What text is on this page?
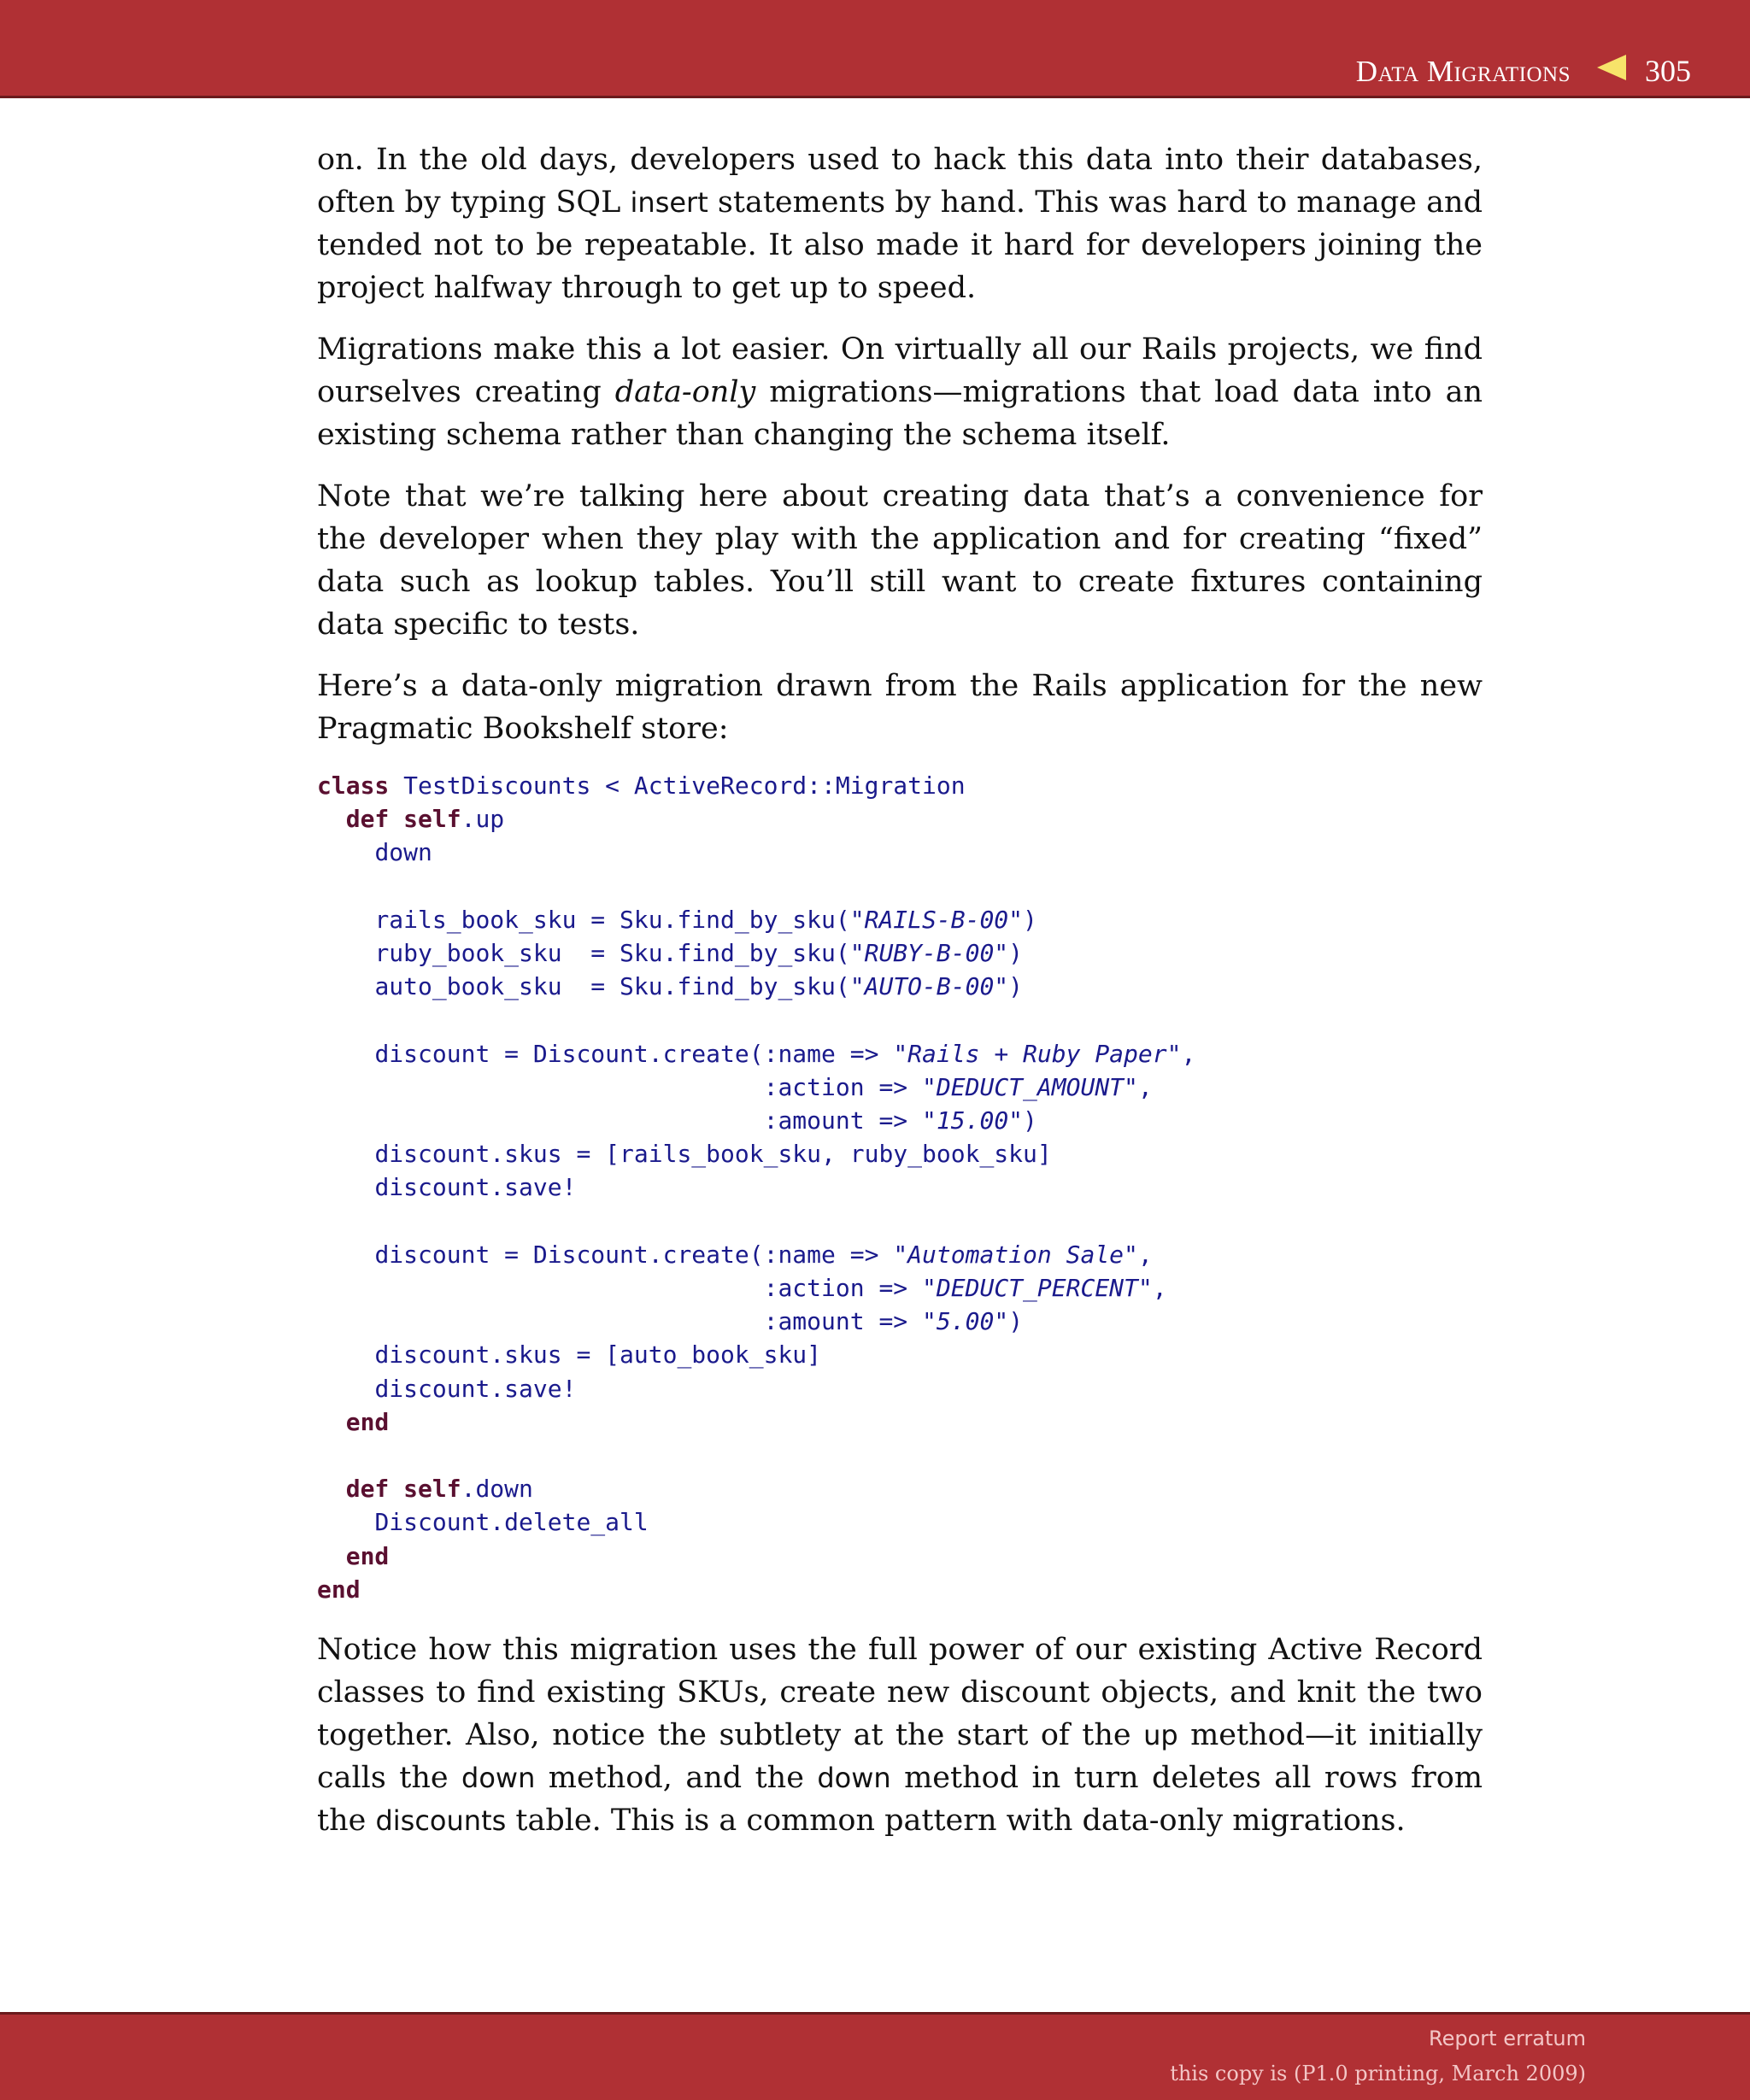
Data Migrations 305

on. In the old days, developers used to hack this data into their databases, often by typing SQL insert statements by hand. This was hard to manage and tended not to be repeatable. It also made it hard for developers joining the project halfway through to get up to speed.

Migrations make this a lot easier. On virtually all our Rails projects, we find ourselves creating data-only migrations—migrations that load data into an existing schema rather than changing the schema itself.

Note that we’re talking here about creating data that’s a convenience for the developer when they play with the application and for creating “fixed” data such as lookup tables. You’ll still want to create fixtures containing data specific to tests.

Here’s a data-only migration drawn from the Rails application for the new Pragmatic Bookshelf store:

class TestDiscounts < ActiveRecord::Migration
def self.up
down

rails_book_sku = Sku.find_by_sku("RAILS-B-00")
ruby_book_sku  = Sku.find_by_sku("RUBY-B-00")
auto_book_sku  = Sku.find_by_sku("AUTO-B-00")

discount = Discount.create(:name => "Rails + Ruby Paper",
:action => "DEDUCT_AMOUNT",
:amount => "15.00")
discount.skus = [rails_book_sku, ruby_book_sku]
discount.save!

discount = Discount.create(:name => "Automation Sale",
:action => "DEDUCT_PERCENT",
:amount => "5.00")
discount.skus = [auto_book_sku]
discount.save!
end

def self.down
Discount.delete_all
end
end

Notice how this migration uses the full power of our existing Active Record classes to find existing SKUs, create new discount objects, and knit the two together. Also, notice the subtlety at the start of the up method—it initially calls the down method, and the down method in turn deletes all rows from the discounts table. This is a common pattern with data-only migrations.

Report erratum
this copy is (P1.0 printing, March 2009)
